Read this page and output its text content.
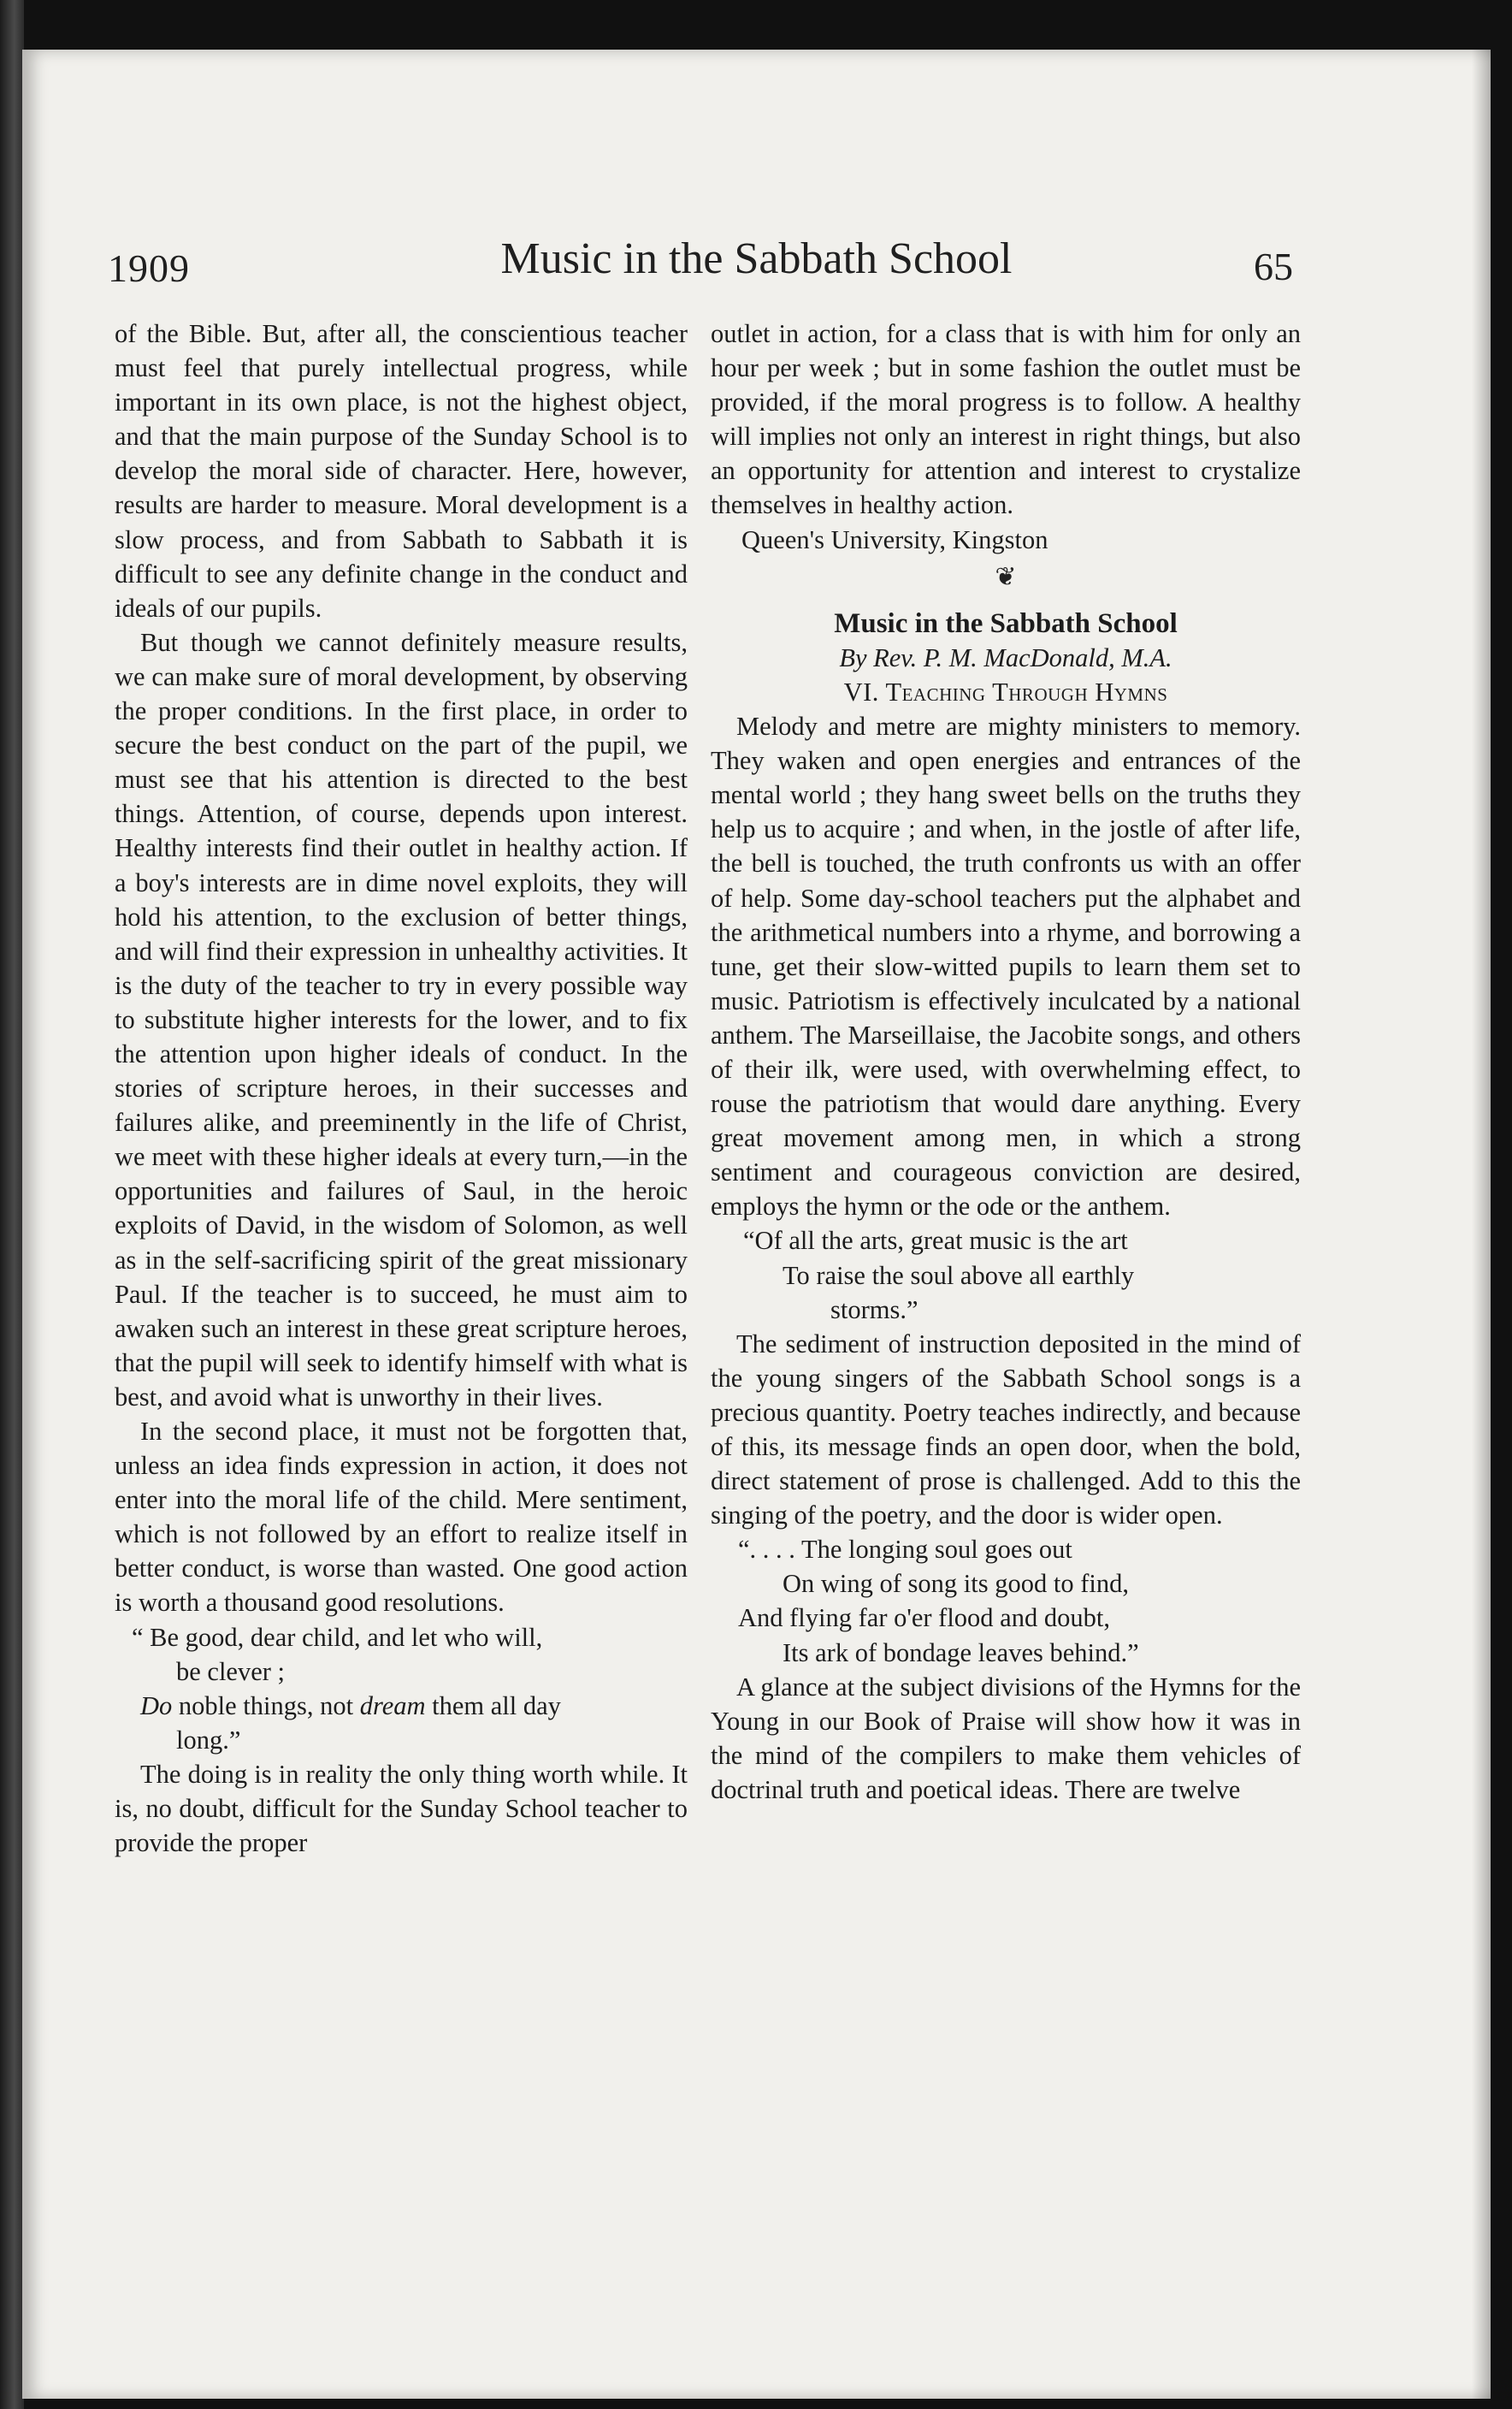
1909	Music in the Sabbath School	65

of the Bible. But, after all, the conscientious teacher must feel that purely intellectual progress, while important in its own place, is not the highest object, and that the main purpose of the Sunday School is to develop the moral side of character. Here, however, results are harder to measure. Moral development is a slow process, and from Sabbath to Sabbath it is difficult to see any definite change in the conduct and ideals of our pupils.

But though we cannot definitely measure results, we can make sure of moral development, by observing the proper conditions. In the first place, in order to secure the best conduct on the part of the pupil, we must see that his attention is directed to the best things. Attention, of course, depends upon interest. Healthy interests find their outlet in healthy action. If a boy's interests are in dime novel exploits, they will hold his attention, to the exclusion of better things, and will find their expression in unhealthy activities. It is the duty of the teacher to try in every possible way to substitute higher interests for the lower, and to fix the attention upon higher ideals of conduct. In the stories of scripture heroes, in their successes and failures alike, and preeminently in the life of Christ, we meet with these higher ideals at every turn,—in the opportunities and failures of Saul, in the heroic exploits of David, in the wisdom of Solomon, as well as in the self-sacrificing spirit of the great missionary Paul. If the teacher is to succeed, he must aim to awaken such an interest in these great scripture heroes, that the pupil will seek to identify himself with what is best, and avoid what is unworthy in their lives.

In the second place, it must not be forgotten that, unless an idea finds expression in action, it does not enter into the moral life of the child. Mere sentiment, which is not followed by an effort to realize itself in better conduct, is worse than wasted. One good action is worth a thousand good resolutions.

“ Be good, dear child, and let who will,
be clever ;
Do noble things, not dream them all day
long.”

The doing is in reality the only thing worth while. It is, no doubt, difficult for the Sunday School teacher to provide the proper

outlet in action, for a class that is with him for only an hour per week ; but in some fashion the outlet must be provided, if the moral progress is to follow. A healthy will implies not only an interest in right things, but also an opportunity for attention and interest to crystalize themselves in healthy action.

Queen's University, Kingston

❦
Music in the Sabbath School
By Rev. P. M. MacDonald, M.A.
VI. Teaching Through Hymns

Melody and metre are mighty ministers to memory. They waken and open energies and entrances of the mental world ; they hang sweet bells on the truths they help us to acquire ; and when, in the jostle of after life, the bell is touched, the truth confronts us with an offer of help. Some day-school teachers put the alphabet and the arithmetical numbers into a rhyme, and borrowing a tune, get their slow-witted pupils to learn them set to music. Patriotism is effectively inculcated by a national anthem. The Marseillaise, the Jacobite songs, and others of their ilk, were used, with overwhelming effect, to rouse the patriotism that would dare anything. Every great movement among men, in which a strong sentiment and courageous conviction are desired, employs the hymn or the ode or the anthem.

“Of all the arts, great music is the art
To raise the soul above all earthly
storms.”

The sediment of instruction deposited in the mind of the young singers of the Sabbath School songs is a precious quantity. Poetry teaches indirectly, and because of this, its message finds an open door, when the bold, direct statement of prose is challenged. Add to this the singing of the poetry, and the door is wider open.

“. . . . The longing soul goes out
On wing of song its good to find,
And flying far o'er flood and doubt,
Its ark of bondage leaves behind.”

A glance at the subject divisions of the Hymns for the Young in our Book of Praise will show how it was in the mind of the compilers to make them vehicles of doctrinal truth and poetical ideas. There are twelve
